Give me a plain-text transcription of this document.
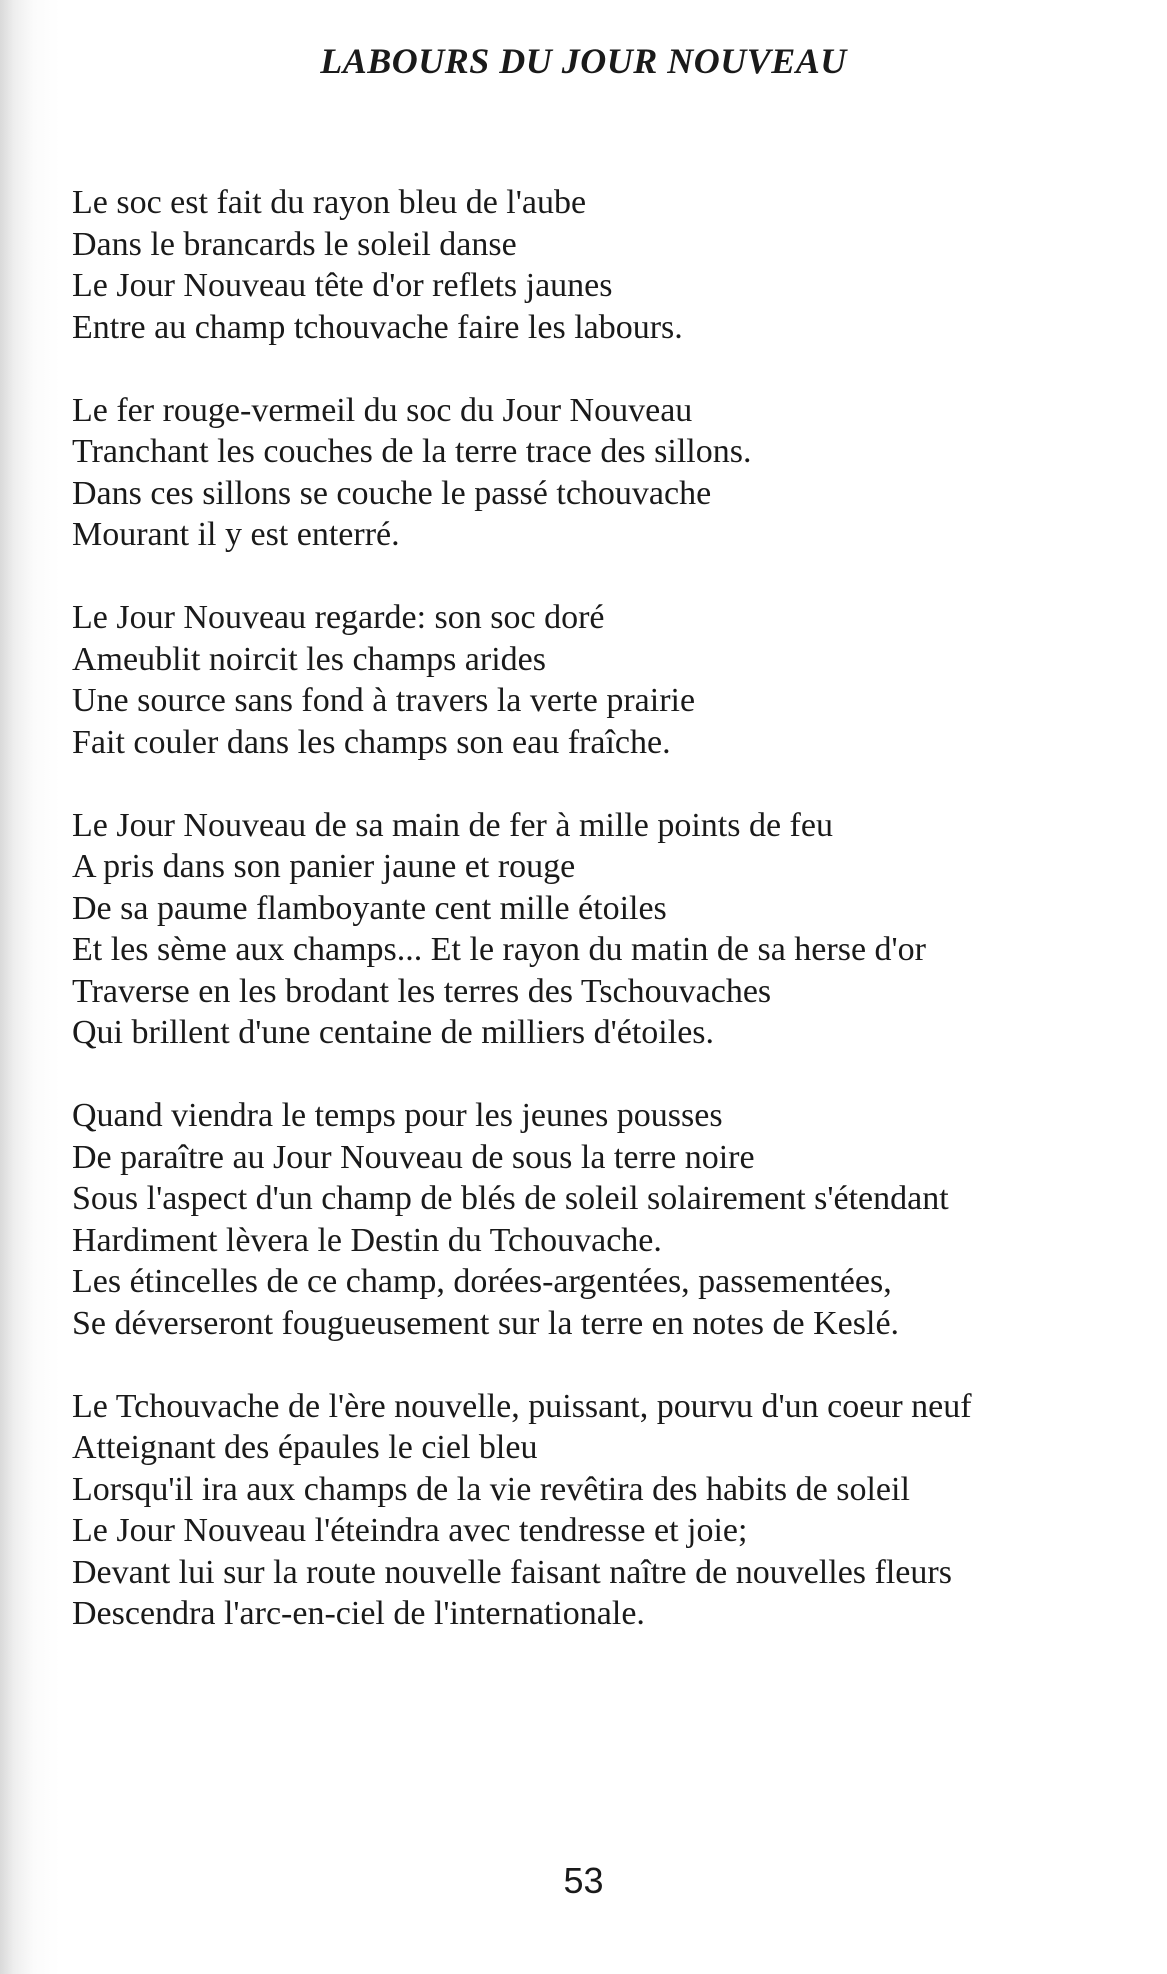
LABOURS DU JOUR NOUVEAU
Le soc est fait du rayon bleu de l'aube
Dans le brancards le soleil danse
Le Jour Nouveau tête d'or reflets jaunes
Entre au champ tchouvache faire les labours.
Le fer rouge-vermeil du soc du Jour Nouveau
Tranchant les couches de la terre trace des sillons.
Dans ces sillons se couche le passé tchouvache
Mourant il y est enterré.
Le Jour Nouveau regarde: son soc doré
Ameublit noircit les champs arides
Une source sans fond à travers la verte prairie
Fait couler dans les champs son eau fraîche.
Le Jour Nouveau de sa main de fer à mille points de feu
A pris dans son panier jaune et rouge
De sa paume flamboyante cent mille étoiles
Et les sème aux champs... Et le rayon du matin de sa herse d'or
Traverse en les brodant les terres des Tschouvaches
Qui brillent d'une centaine de milliers d'étoiles.
Quand viendra le temps pour les jeunes pousses
De paraître au Jour Nouveau de sous la terre noire
Sous l'aspect d'un champ de blés de soleil solairement s'étendant
Hardiment lèvera le Destin du Tchouvache.
Les étincelles de ce champ, dorées-argentées, passementées,
Se déverseront fougueusement sur la terre en notes de Keslé.
Le Tchouvache de l'ère nouvelle, puissant, pourvu d'un coeur neuf
Atteignant des épaules le ciel bleu
Lorsqu'il ira aux champs de la vie revêtira des habits de soleil
Le Jour Nouveau l'éteindra avec tendresse et joie;
Devant lui sur la route nouvelle faisant naître de nouvelles fleurs
Descendra l'arc-en-ciel de l'internationale.
53
